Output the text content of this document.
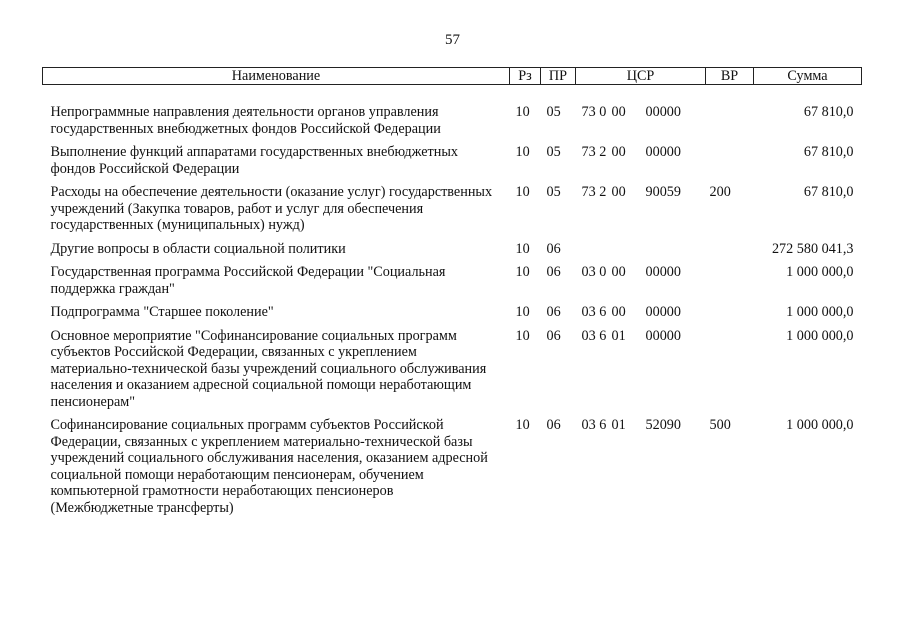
57
Наименование	Рз	ПР	ЦСР			ВР	Сумма
Непрограммные направления деятельности органов управления государственных внебюджетных фондов Российской Федерации	10	05	73 0	00	00000		67 810,0
Выполнение функций аппаратами государственных внебюджетных фондов Российской Федерации	10	05	73 2	00	00000		67 810,0
Расходы на обеспечение деятельности (оказание услуг) государственных учреждений (Закупка товаров, работ и услуг для обеспечения государственных (муниципальных) нужд)	10	05	73 2	00	90059	200	67 810,0
Другие вопросы в области социальной политики	10	06					272 580 041,3
Государственная программа Российской Федерации "Социальная поддержка граждан"	10	06	03 0	00	00000		1 000 000,0
Подпрограмма "Старшее поколение"	10	06	03 6	00	00000		1 000 000,0
Основное мероприятие "Софинансирование социальных программ субъектов Российской Федерации, связанных с укреплением материально-технической базы учреждений социального обслуживания населения и оказанием адресной социальной помощи неработающим пенсионерам"	10	06	03 6	01	00000		1 000 000,0
Софинансирование социальных программ субъектов Российской Федерации, связанных с укреплением материально-технической базы учреждений социального обслуживания населения, оказанием адресной социальной помощи неработающим пенсионерам, обучением компьютерной грамотности неработающих пенсионеров (Межбюджетные трансферты)	10	06	03 6	01	52090	500	1 000 000,0
